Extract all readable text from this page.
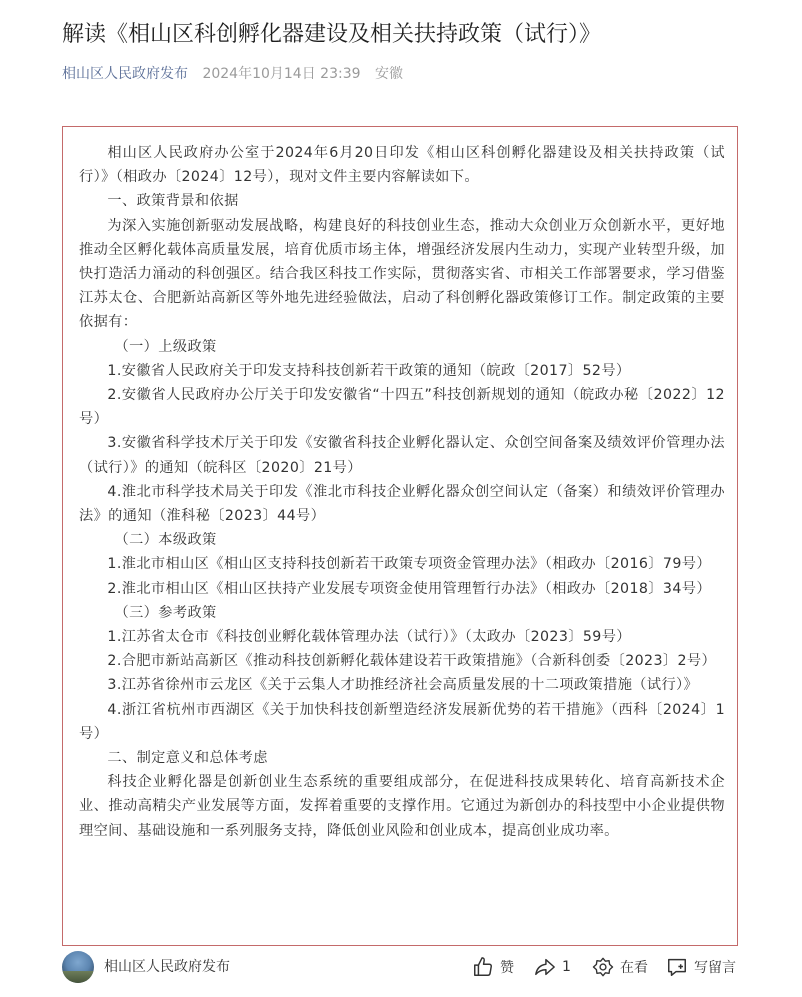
解读《相山区科创孵化器建设及相关扶持政策（试行）》
相山区人民政府发布 2024年10月14日 23:39 安徽

相山区人民政府办公室于2024年6月20日印发《相山区科创孵化器建设及相关扶持政策（试行）》（相政办〔2024〕12号），现对文件主要内容解读如下。

一、政策背景和依据

为深入实施创新驱动发展战略，构建良好的科技创业生态，推动大众创业万众创新水平，更好地推动全区孵化载体高质量发展，培育优质市场主体，增强经济发展内生动力，实现产业转型升级，加快打造活力涌动的科创强区。结合我区科技工作实际，贯彻落实省、市相关工作部署要求，学习借鉴江苏太仓、合肥新站高新区等外地先进经验做法，启动了科创孵化器政策修订工作。制定政策的主要依据有：

（一）上级政策

1.安徽省人民政府关于印发支持科技创新若干政策的通知（皖政〔2017〕52号）

2.安徽省人民政府办公厅关于印发安徽省“十四五”科技创新规划的通知（皖政办秘〔2022〕12 号）

3.安徽省科学技术厅关于印发《安徽省科技企业孵化器认定、众创空间备案及绩效评价管理办法（试行）》的通知（皖科区〔2020〕21号）

4.淮北市科学技术局关于印发《淮北市科技企业孵化器众创空间认定（备案）和绩效评价管理办法》的通知（淮科秘〔2023〕44号）

（二）本级政策

1.淮北市相山区《相山区支持科技创新若干政策专项资金管理办法》（相政办〔2016〕79号）

2.淮北市相山区《相山区扶持产业发展专项资金使用管理暂行办法》（相政办〔2018〕34号）

（三）参考政策

1.江苏省太仓市《科技创业孵化载体管理办法（试行）》（太政办〔2023〕59号）

2.合肥市新站高新区《推动科技创新孵化载体建设若干政策措施》（合新科创委〔2023〕2号）

3.江苏省徐州市云龙区《关于云集人才助推经济社会高质量发展的十二项政策措施（试行）》

4.浙江省杭州市西湖区《关于加快科技创新塑造经济发展新优势的若干措施》（西科〔2024〕1号）

二、制定意义和总体考虑

科技企业孵化器是创新创业生态系统的重要组成部分，在促进科技成果转化、培育高新技术企业、推动高精尖产业发展等方面，发挥着重要的支撑作用。它通过为新创办的科技型中小企业提供物理空间、基础设施和一系列服务支持，降低创业风险和创业成本，提高创业成功率。

相山区人民政府发布	赞	1	在看	写留言
